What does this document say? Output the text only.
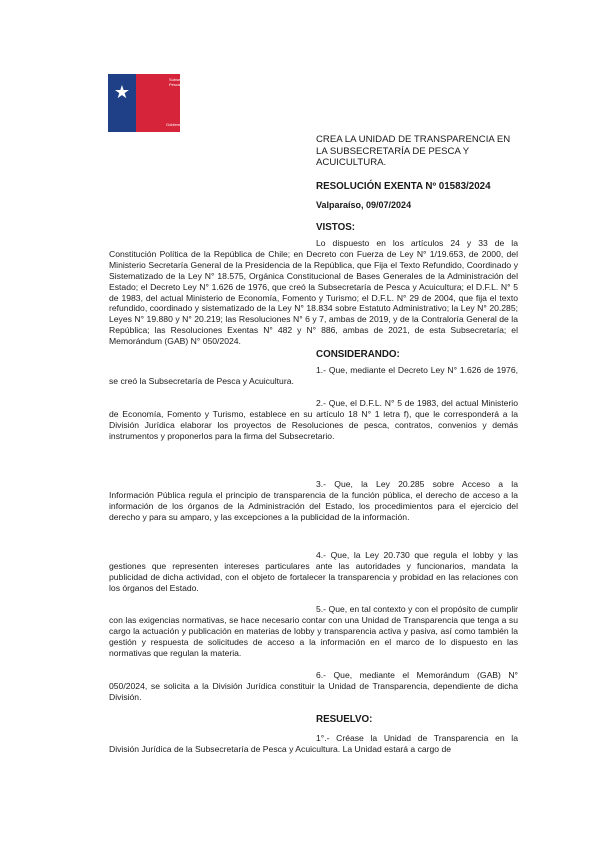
★
Subsecretaría de Pesca y Acuicultura
Gobierno de Chile
CREA LA UNIDAD DE TRANSPARENCIA EN LA SUBSECRETARÍA DE PESCA Y ACUICULTURA.
RESOLUCIÓN EXENTA Nº 01583/2024
Valparaíso, 09/07/2024
VISTOS:
Lo dispuesto en los artículos 24 y 33 de la Constitución Política de la República de Chile; en Decreto con Fuerza de Ley N° 1/19.653, de 2000, del Ministerio Secretaría General de la Presidencia de la República, que Fija el Texto Refundido, Coordinado y Sistematizado de la Ley N° 18.575, Orgánica Constitucional de Bases Generales de la Administración del Estado; el Decreto Ley N° 1.626 de 1976, que creó la Subsecretaría de Pesca y Acuicultura; el D.F.L. N° 5 de 1983, del actual Ministerio de Economía, Fomento y Turismo; el D.F.L. N° 29 de 2004, que fija el texto refundido, coordinado y sistematizado de la Ley N° 18.834 sobre Estatuto Administrativo; la Ley N° 20.285; Leyes N° 19.880 y N° 20.219; las Resoluciones N° 6 y 7, ambas de 2019, y de la Contraloría General de la República; las Resoluciones Exentas N° 482 y N° 886, ambas de 2021, de esta Subsecretaría; el Memorándum (GAB) N° 050/2024.
CONSIDERANDO:
1.- Que, mediante el Decreto Ley N° 1.626 de 1976, se creó la Subsecretaría de Pesca y Acuicultura.
2.- Que, el D.F.L. N° 5 de 1983, del actual Ministerio de Economía, Fomento y Turismo, establece en su artículo 18 N° 1 letra f), que le corresponderá a la División Jurídica elaborar los proyectos de Resoluciones de pesca, contratos, convenios y demás instrumentos y proponerlos para la firma del Subsecretario.
3.- Que, la Ley 20.285 sobre Acceso a la Información Pública regula el principio de transparencia de la función pública, el derecho de acceso a la información de los órganos de la Administración del Estado, los procedimientos para el ejercicio del derecho y para su amparo, y las excepciones a la publicidad de la información.
4.- Que, la Ley 20.730 que regula el lobby y las gestiones que representen intereses particulares ante las autoridades y funcionarios, mandata la publicidad de dicha actividad, con el objeto de fortalecer la transparencia y probidad en las relaciones con los órganos del Estado.
5.- Que, en tal contexto y con el propósito de cumplir con las exigencias normativas, se hace necesario contar con una Unidad de Transparencia que tenga a su cargo la actuación y publicación en materias de lobby y transparencia activa y pasiva, así como también la gestión y respuesta de solicitudes de acceso a la información en el marco de lo dispuesto en las normativas que regulan la materia.
6.- Que, mediante el Memorándum (GAB) N° 050/2024, se solicita a la División Jurídica constituir la Unidad de Transparencia, dependiente de dicha División.
RESUELVO:
1°.- Créase la Unidad de Transparencia en la División Jurídica de la Subsecretaría de Pesca y Acuicultura. La Unidad estará a cargo de
